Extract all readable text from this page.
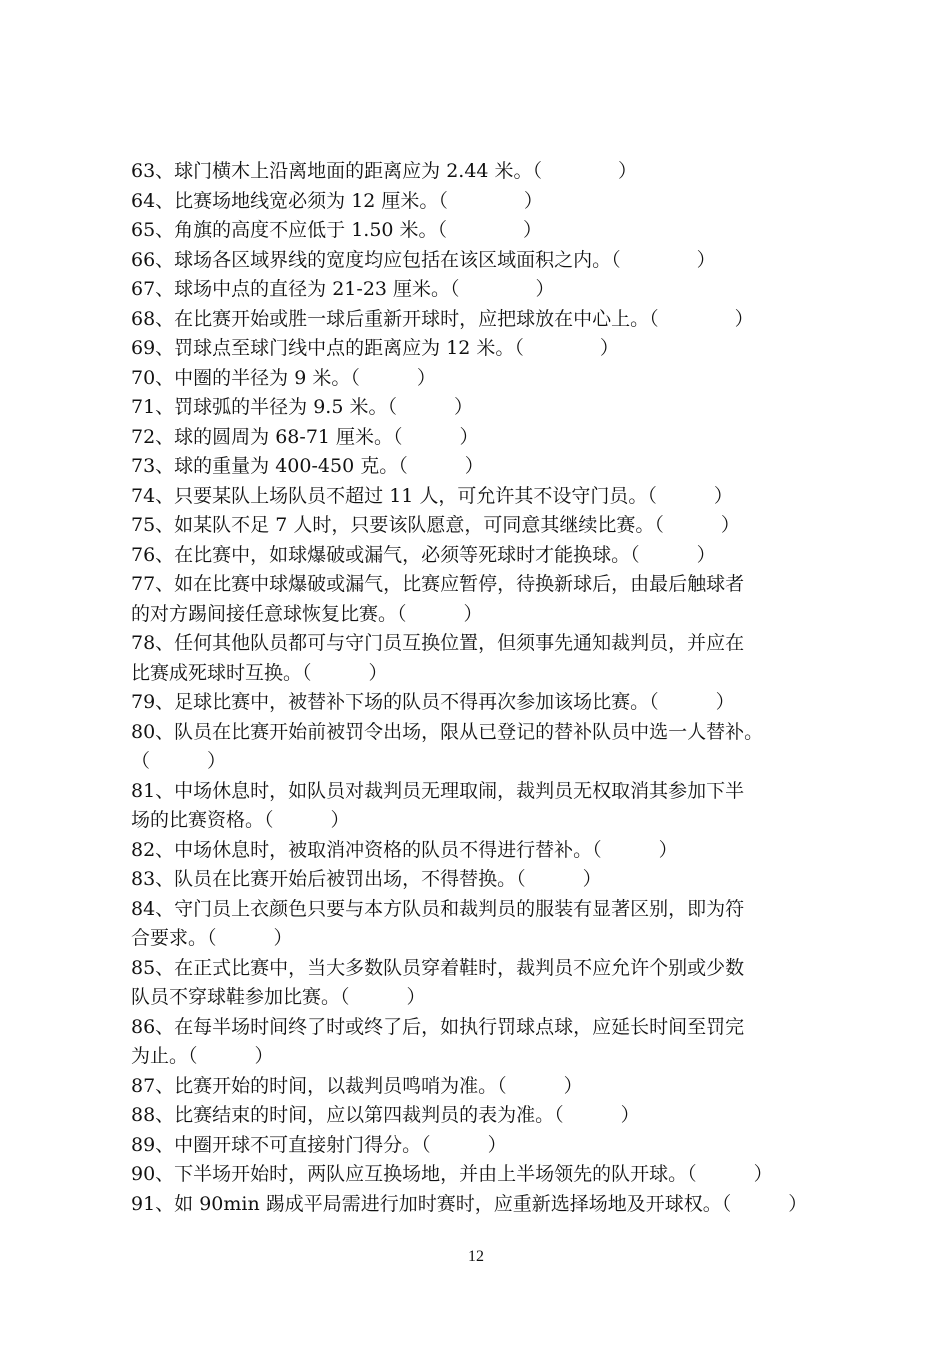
63、球门横木上沿离地面的距离应为 2.44 米。（　　　　）
64、比赛场地线宽必须为 12 厘米。（　　　　）
65、角旗的高度不应低于 1.50 米。（　　　　）
66、球场各区域界线的宽度均应包括在该区域面积之内。（　　　　）
67、球场中点的直径为 21-23 厘米。（　　　　）
68、在比赛开始或胜一球后重新开球时，应把球放在中心上。（　　　　）
69、罚球点至球门线中点的距离应为 12 米。（　　　　）
70、中圈的半径为 9 米。（　　　）
71、罚球弧的半径为 9.5 米。（　　　）
72、球的圆周为 68-71 厘米。（　　　）
73、球的重量为 400-450 克。（　　　）
74、只要某队上场队员不超过 11 人，可允许其不设守门员。（　　　）
75、如某队不足 7 人时，只要该队愿意，可同意其继续比赛。（　　　）
76、在比赛中，如球爆破或漏气，必须等死球时才能换球。（　　　）
77、如在比赛中球爆破或漏气，比赛应暂停，待换新球后，由最后触球者
的对方踢间接任意球恢复比赛。（　　　）
78、任何其他队员都可与守门员互换位置，但须事先通知裁判员，并应在
比赛成死球时互换。（　　　）
79、足球比赛中，被替补下场的队员不得再次参加该场比赛。（　　　）
80、队员在比赛开始前被罚令出场，限从已登记的替补队员中选一人替补。
（　　　）
81、中场休息时，如队员对裁判员无理取闹，裁判员无权取消其参加下半
场的比赛资格。（　　　）
82、中场休息时，被取消冲资格的队员不得进行替补。（　　　）
83、队员在比赛开始后被罚出场，不得替换。（　　　）
84、守门员上衣颜色只要与本方队员和裁判员的服装有显著区别，即为符
合要求。（　　　）
85、在正式比赛中，当大多数队员穿着鞋时，裁判员不应允许个别或少数
队员不穿球鞋参加比赛。（　　　）
86、在每半场时间终了时或终了后，如执行罚球点球，应延长时间至罚完
为止。（　　　）
87、比赛开始的时间，以裁判员鸣哨为准。（　　　）
88、比赛结束的时间，应以第四裁判员的表为准。（　　　）
89、中圈开球不可直接射门得分。（　　　）
90、下半场开始时，两队应互换场地，并由上半场领先的队开球。（　　　）
91、如 90min 踢成平局需进行加时赛时，应重新选择场地及开球权。（　　　）
12
